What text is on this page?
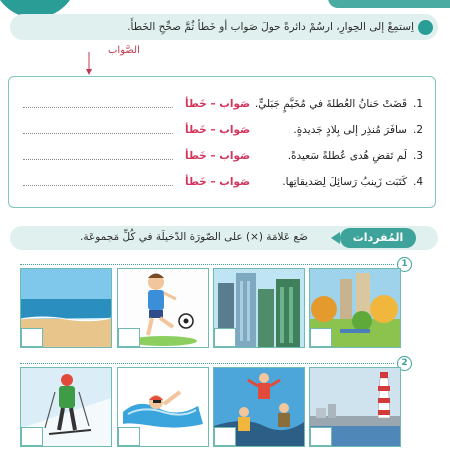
اِستمِعْ إلى الحِوارِ، ارسُمْ دائرةً حولَ صَواب أو خَطأ ثُمَّ صحِّحِ الخَطأَ.
الصَّواب
1.قَضَتْ حَنانُ العُطلةَ في مُخَيَّمٍ جَبَليٍّ.
صَواب – خَطأ
2.سافَرَ مُنذِر إلى بِلادٍ جَديدةٍ.
صَواب – خَطأ
3.لَم تَقضِ هُدى عُطلةً سَعيدةً.
صَواب – خَطأ
4.كَتَبَت زَينبُ رَسائِلَ لِصَديقاتِها.
صَواب – خَطأ
المُفردات
ضَع عَلامَة (×) على الصّورَة الدّخيلَة في كُلِّ مَجموعَة.
1
2
